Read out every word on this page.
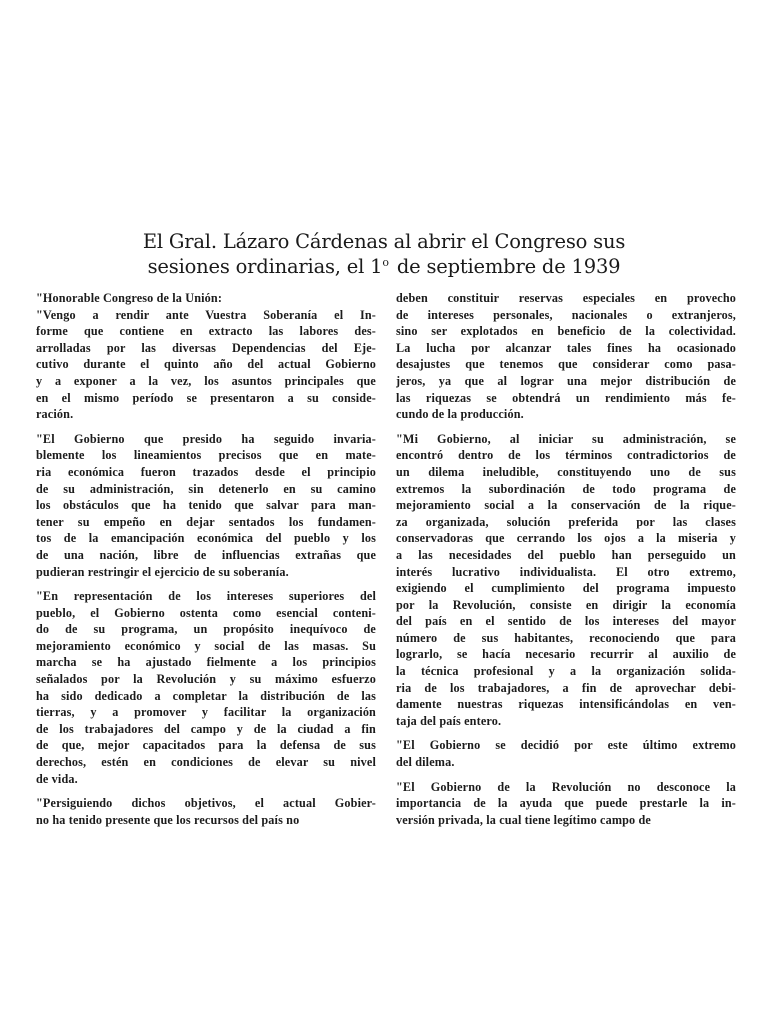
El Gral. Lázaro Cárdenas al abrir el Congreso sus
sesiones ordinarias, el 1$^o$ de septiembre de 1939

"Honorable Congreso de la Unión:

"Vengo a rendir ante Vuestra Soberanía el In-
forme que contiene en extracto las labores des-
arrolladas por las diversas Dependencias del Eje-
cutivo durante el quinto año del actual Gobierno
y a exponer a la vez, los asuntos principales que
en el mismo período se presentaron a su conside-
ración.

"El Gobierno que presido ha seguido invaria-
blemente los lineamientos precisos que en mate-
ria económica fueron trazados desde el principio
de su administración, sin detenerlo en su camino
los obstáculos que ha tenido que salvar para man-
tener su empeño en dejar sentados los fundamen-
tos de la emancipación económica del pueblo y los
de una nación, libre de influencias extrañas que
pudieran restringir el ejercicio de su soberanía.

"En representación de los intereses superiores del
pueblo, el Gobierno ostenta como esencial conteni-
do de su programa, un propósito inequívoco de
mejoramiento económico y social de las masas. Su
marcha se ha ajustado fielmente a los principios
señalados por la Revolución y su máximo esfuerzo
ha sido dedicado a completar la distribución de las
tierras, y a promover y facilitar la organización
de los trabajadores del campo y de la ciudad a fin
de que, mejor capacitados para la defensa de sus
derechos, estén en condiciones de elevar su nivel
de vida.

"Persiguiendo dichos objetivos, el actual Gobier-
no ha tenido presente que los recursos del país no

deben constituir reservas especiales en provecho
de intereses personales, nacionales o extranjeros,
sino ser explotados en beneficio de la colectividad.
La lucha por alcanzar tales fines ha ocasionado
desajustes que tenemos que considerar como pasa-
jeros, ya que al lograr una mejor distribución de
las riquezas se obtendrá un rendimiento más fe-
cundo de la producción.

"Mi Gobierno, al iniciar su administración, se
encontró dentro de los términos contradictorios de
un dilema ineludible, constituyendo uno de sus
extremos la subordinación de todo programa de
mejoramiento social a la conservación de la rique-
za organizada, solución preferida por las clases
conservadoras que cerrando los ojos a la miseria y
a las necesidades del pueblo han perseguido un
interés lucrativo individualista. El otro extremo,
exigiendo el cumplimiento del programa impuesto
por la Revolución, consiste en dirigir la economía
del país en el sentido de los intereses del mayor
número de sus habitantes, reconociendo que para
lograrlo, se hacía necesario recurrir al auxilio de
la técnica profesional y a la organización solida-
ria de los trabajadores, a fin de aprovechar debi-
damente nuestras riquezas intensificándolas en ven-
taja del país entero.

"El Gobierno se decidió por este último extremo
del dilema.

"El Gobierno de la Revolución no desconoce la
importancia de la ayuda que puede prestarle la in-
versión privada, la cual tiene legítimo campo de
